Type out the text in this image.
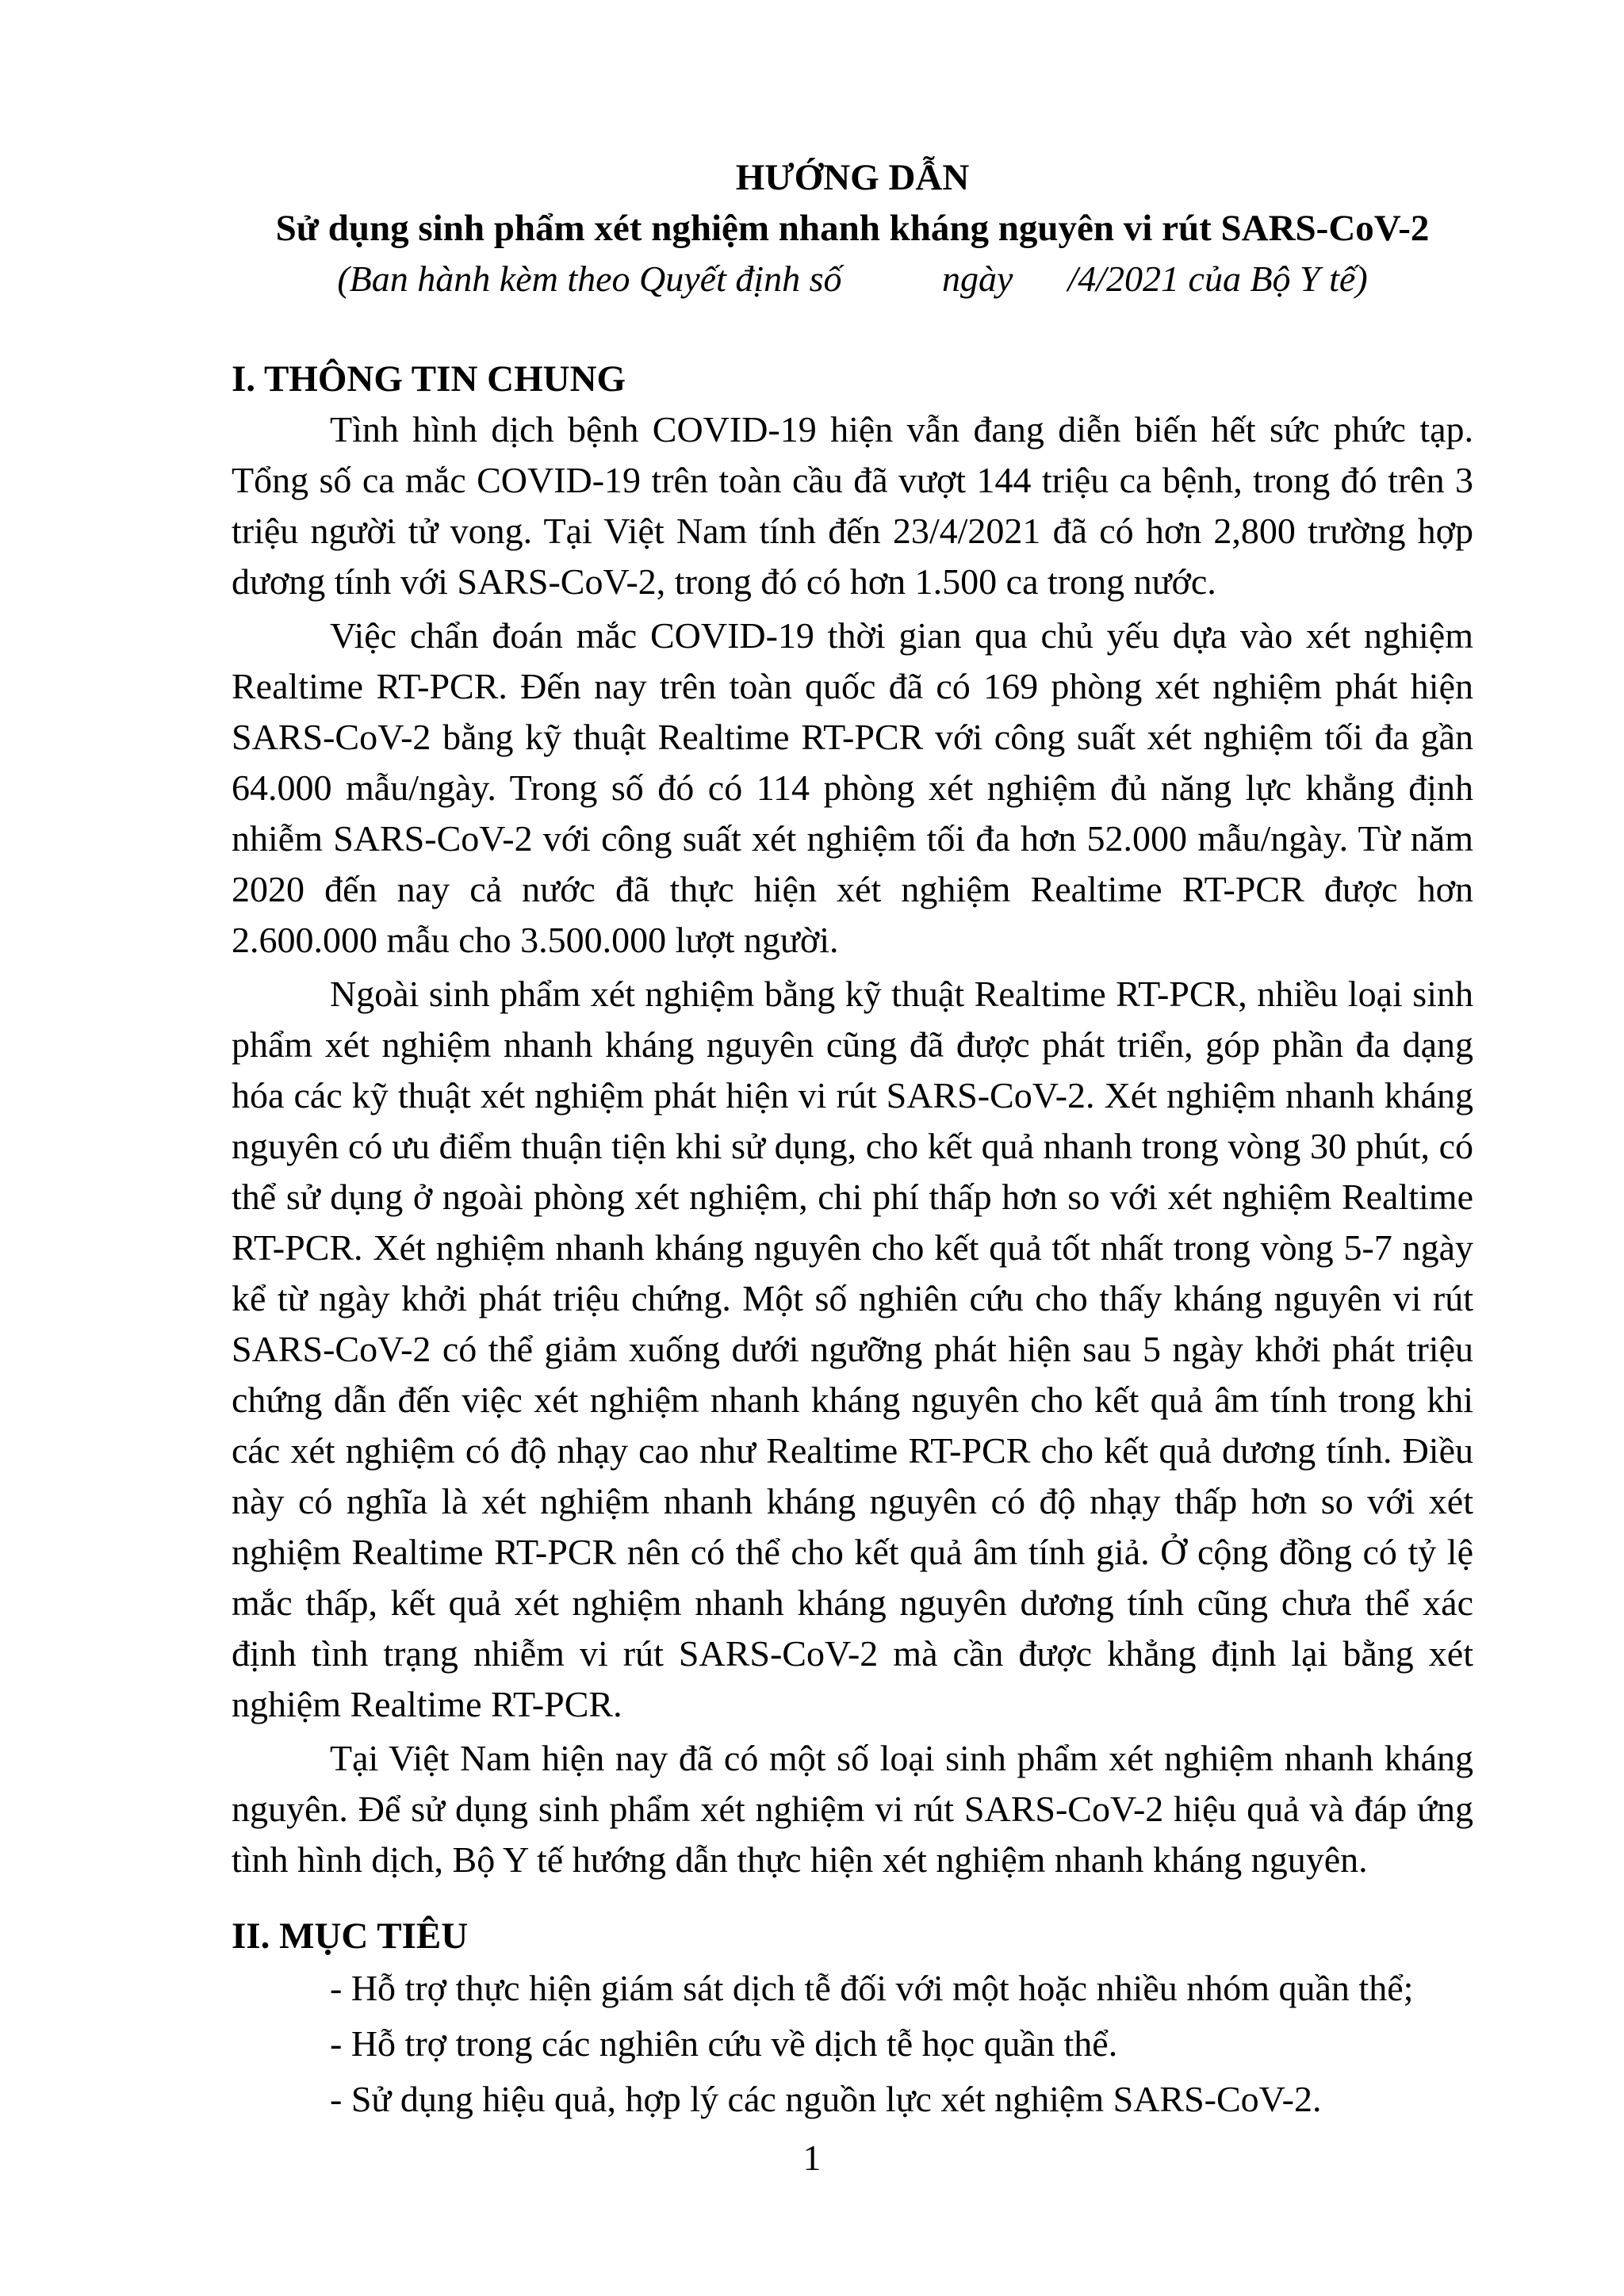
HƯỚNG DẪN

Sử dụng sinh phẩm xét nghiệm nhanh kháng nguyên vi rút SARS-CoV-2

(Ban hành kèm theo Quyết định số           ngày      /4/2021 của Bộ Y tế)

I. THÔNG TIN CHUNG

Tình hình dịch bệnh COVID-19 hiện vẫn đang diễn biến hết sức phức tạp. Tổng số ca mắc COVID-19 trên toàn cầu đã vượt 144 triệu ca bệnh, trong đó trên 3 triệu người tử vong. Tại Việt Nam tính đến 23/4/2021 đã có hơn 2,800 trường hợp dương tính với SARS-CoV-2, trong đó có hơn 1.500 ca trong nước.

Việc chẩn đoán mắc COVID-19 thời gian qua chủ yếu dựa vào xét nghiệm Realtime RT-PCR. Đến nay trên toàn quốc đã có 169 phòng xét nghiệm phát hiện SARS-CoV-2 bằng kỹ thuật Realtime RT-PCR với công suất xét nghiệm tối đa gần 64.000 mẫu/ngày. Trong số đó có 114 phòng xét nghiệm đủ năng lực khẳng định nhiễm SARS-CoV-2 với công suất xét nghiệm tối đa hơn 52.000 mẫu/ngày. Từ năm 2020 đến nay cả nước đã thực hiện xét nghiệm Realtime RT-PCR được hơn 2.600.000 mẫu cho 3.500.000 lượt người.

Ngoài sinh phẩm xét nghiệm bằng kỹ thuật Realtime RT-PCR, nhiều loại sinh phẩm xét nghiệm nhanh kháng nguyên cũng đã được phát triển, góp phần đa dạng hóa các kỹ thuật xét nghiệm phát hiện vi rút SARS-CoV-2. Xét nghiệm nhanh kháng nguyên có ưu điểm thuận tiện khi sử dụng, cho kết quả nhanh trong vòng 30 phút, có thể sử dụng ở ngoài phòng xét nghiệm, chi phí thấp hơn so với xét nghiệm Realtime RT-PCR. Xét nghiệm nhanh kháng nguyên cho kết quả tốt nhất trong vòng 5-7 ngày kể từ ngày khởi phát triệu chứng. Một số nghiên cứu cho thấy kháng nguyên vi rút SARS-CoV-2 có thể giảm xuống dưới ngưỡng phát hiện sau 5 ngày khởi phát triệu chứng dẫn đến việc xét nghiệm nhanh kháng nguyên cho kết quả âm tính trong khi các xét nghiệm có độ nhạy cao như Realtime RT-PCR cho kết quả dương tính. Điều này có nghĩa là xét nghiệm nhanh kháng nguyên có độ nhạy thấp hơn so với xét nghiệm Realtime RT-PCR nên có thể cho kết quả âm tính giả. Ở cộng đồng có tỷ lệ mắc thấp, kết quả xét nghiệm nhanh kháng nguyên dương tính cũng chưa thể xác định tình trạng nhiễm vi rút SARS-CoV-2 mà cần được khẳng định lại bằng xét nghiệm Realtime RT-PCR.

Tại Việt Nam hiện nay đã có một số loại sinh phẩm xét nghiệm nhanh kháng nguyên. Để sử dụng sinh phẩm xét nghiệm vi rút SARS-CoV-2 hiệu quả và đáp ứng tình hình dịch, Bộ Y tế hướng dẫn thực hiện xét nghiệm nhanh kháng nguyên.

II. MỤC TIÊU
- Hỗ trợ thực hiện giám sát dịch tễ đối với một hoặc nhiều nhóm quần thể;
- Hỗ trợ trong các nghiên cứu về dịch tễ học quần thể.
- Sử dụng hiệu quả, hợp lý các nguồn lực xét nghiệm SARS-CoV-2.
1
